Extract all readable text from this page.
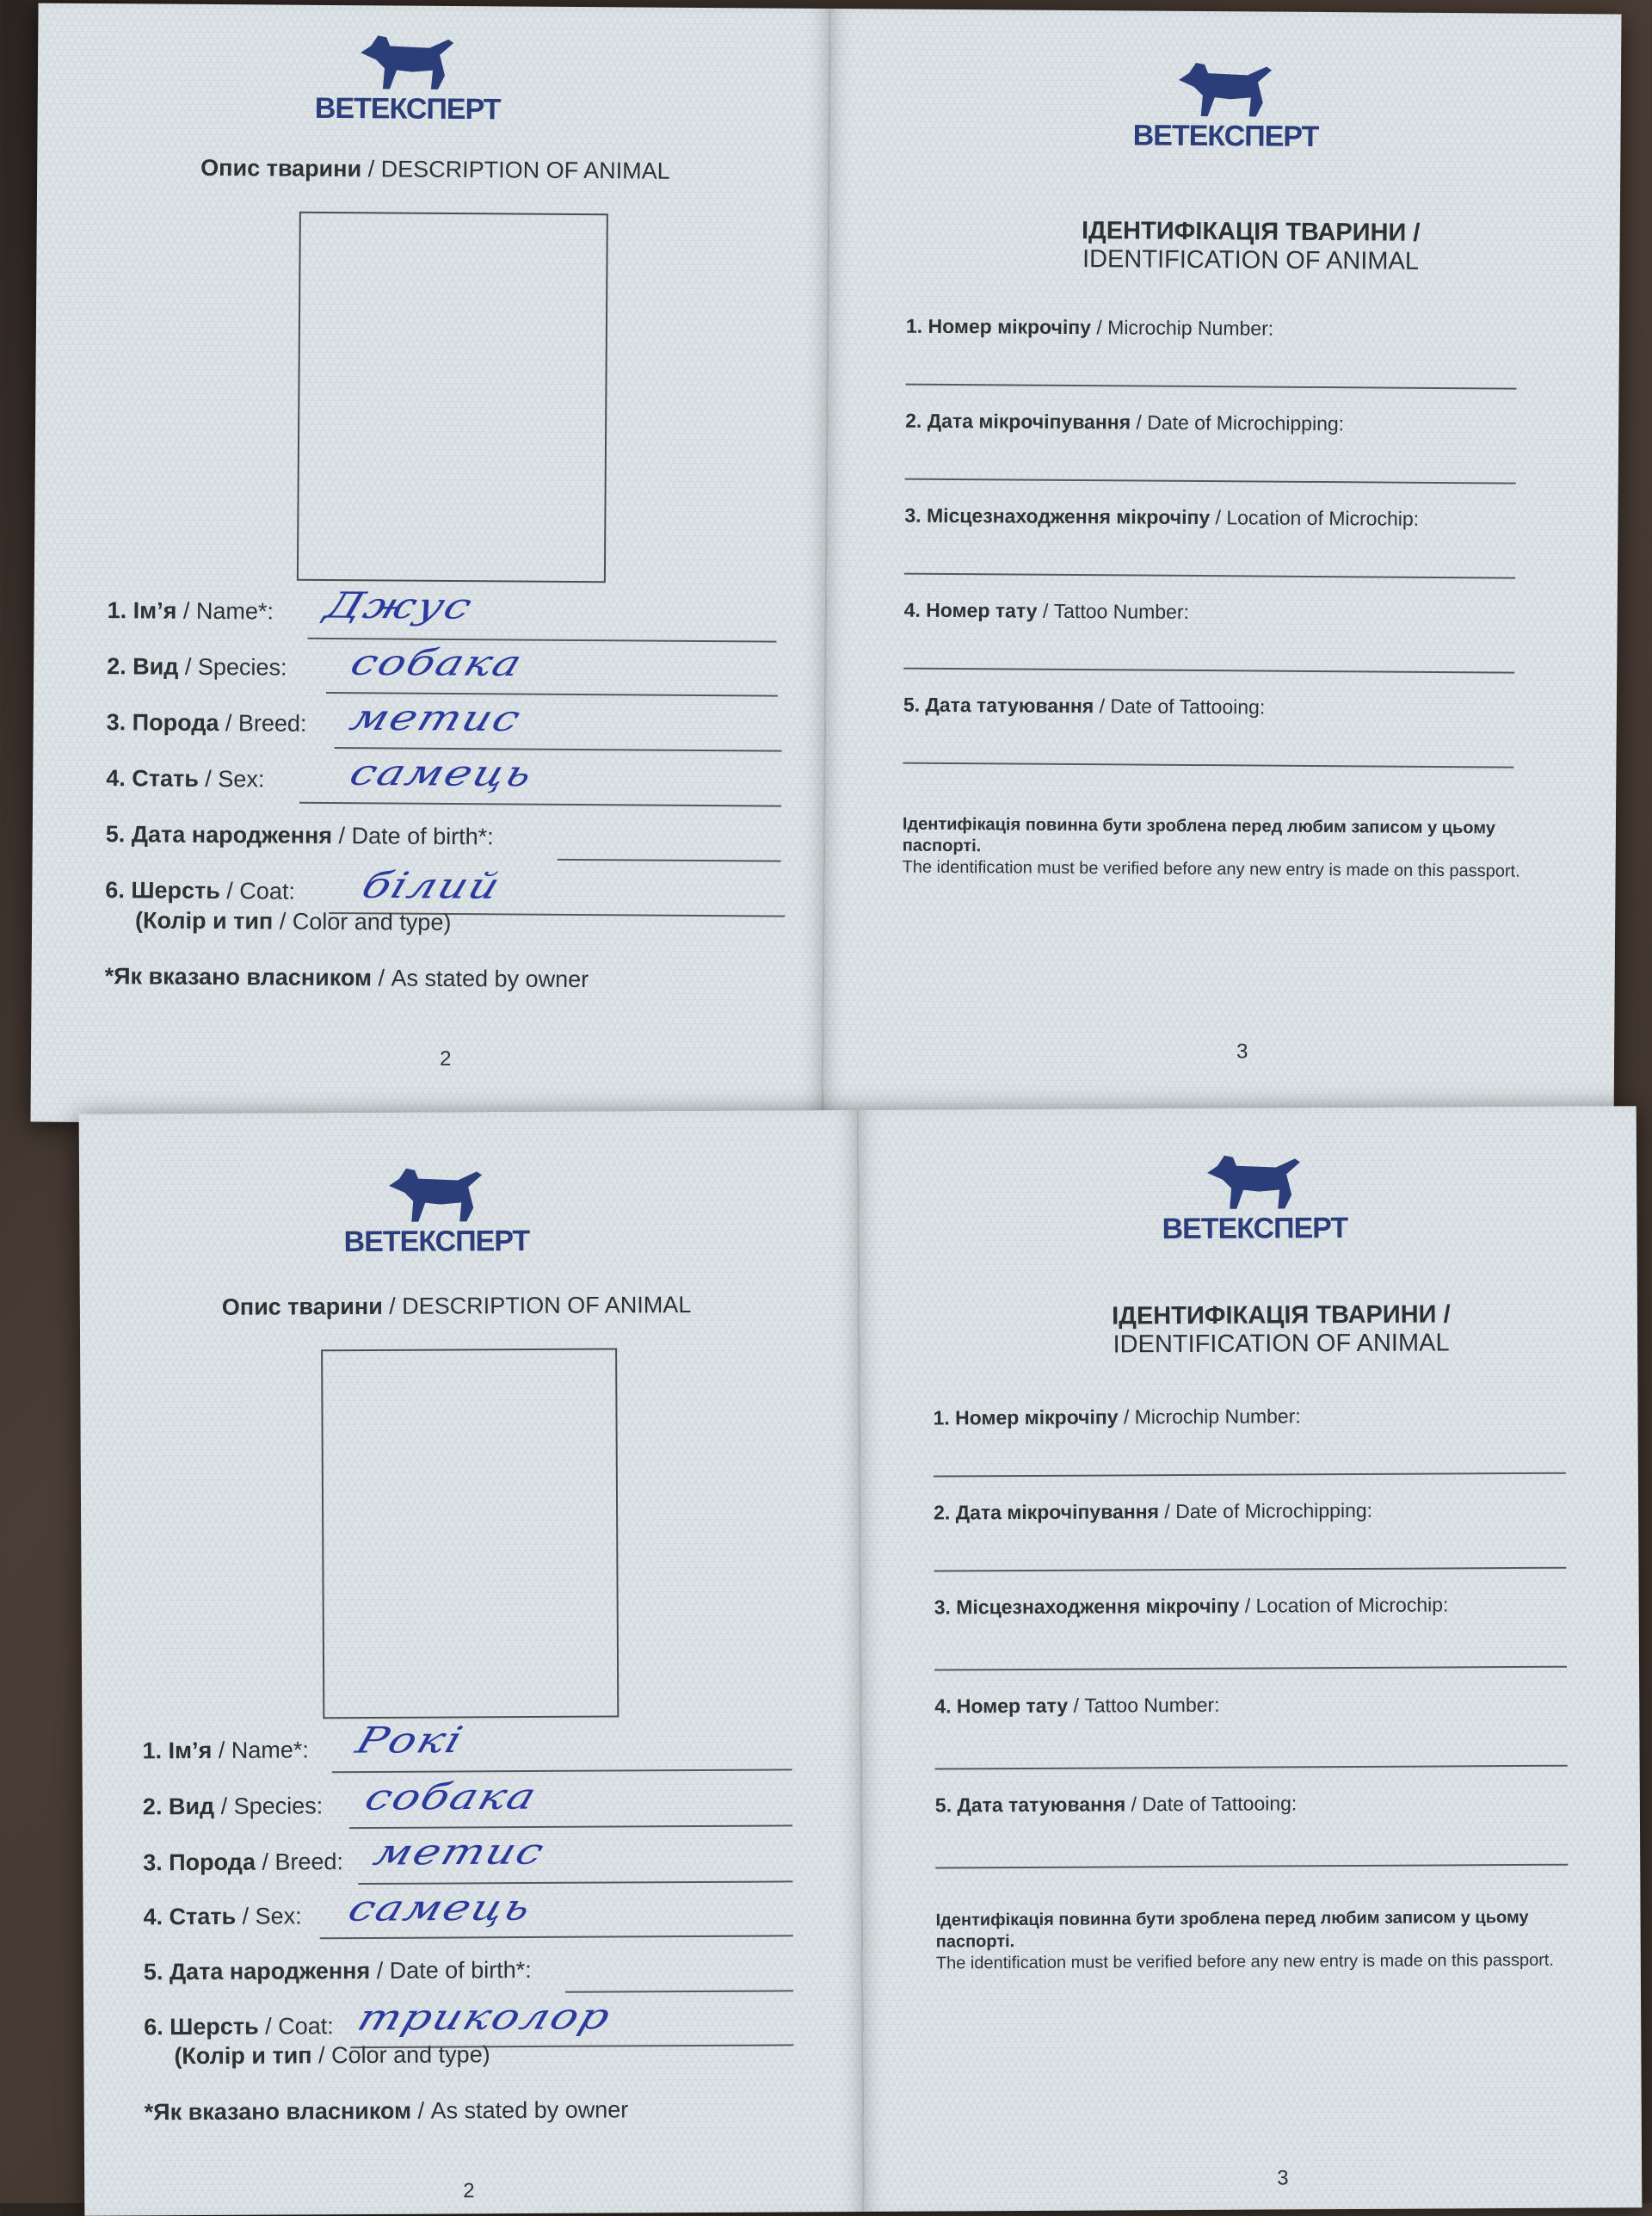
ВЕТЕКСПЕРТ
Опис тварини / DESCRIPTION OF ANIMAL
1. Ім’я / Name*: Джус
2. Вид / Species: собака
3. Порода / Breed: метис
4. Стать / Sex: самець
5. Дата народження / Date of birth*:
6. Шерсть / Coat: білий
(Колір и тип / Color and type)
*Як вказано власником / As stated by owner
2
ВЕТЕКСПЕРТ
ІДЕНТИФІКАЦІЯ ТВАРИНИ /
IDENTIFICATION OF ANIMAL
1. Номер мікрочіпу / Microchip Number:
2. Дата мікрочіпування / Date of Microchipping:
3. Місцезнаходження мікрочіпу / Location of Microchip:
4. Номер тату / Tattoo Number:
5. Дата татуювання / Date of Tattooing:
Ідентифікація повинна бути зроблена перед любим записом у цьому паспорті.
The identification must be verified before any new entry is made on this passport.
3
ВЕТЕКСПЕРТ
Опис тварини / DESCRIPTION OF ANIMAL
1. Ім’я / Name*: Рокі
2. Вид / Species: собака
3. Порода / Breed: метис
4. Стать / Sex: самець
5. Дата народження / Date of birth*:
6. Шерсть / Coat: триколор
(Колір и тип / Color and type)
*Як вказано власником / As stated by owner
2
ВЕТЕКСПЕРТ
ІДЕНТИФІКАЦІЯ ТВАРИНИ /
IDENTIFICATION OF ANIMAL
1. Номер мікрочіпу / Microchip Number:
2. Дата мікрочіпування / Date of Microchipping:
3. Місцезнаходження мікрочіпу / Location of Microchip:
4. Номер тату / Tattoo Number:
5. Дата татуювання / Date of Tattooing:
Ідентифікація повинна бути зроблена перед любим записом у цьому паспорті.
The identification must be verified before any new entry is made on this passport.
3
